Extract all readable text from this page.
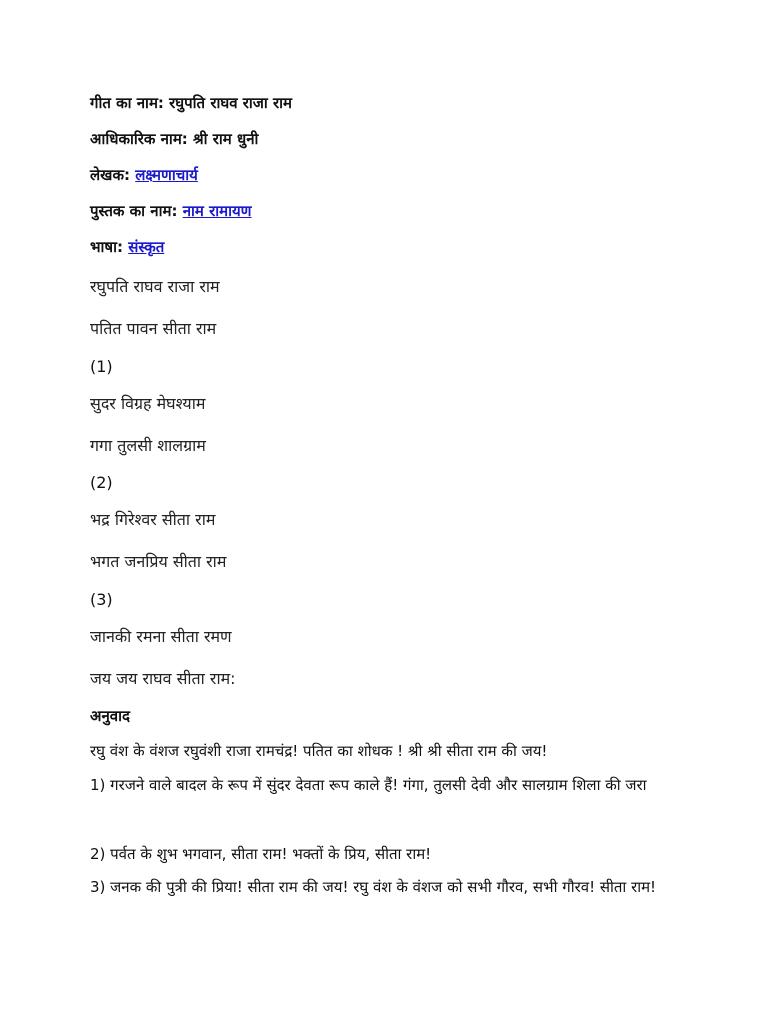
गीत का नाम: रघुपति राघव राजा राम
आधिकारिक नाम: श्री राम धुनी
लेखक: लक्ष्मणाचार्य
पुस्तक का नाम: नाम रामायण
भाषा: संस्कृत
रघुपति राघव राजा राम
पतित पावन सीता राम
(1)
सुदर विग्रह मेघश्याम
गगा तुलसी शालग्राम
(2)
भद्र गिरेश्वर सीता राम
भगत जनप्रिय सीता राम
(3)
जानकी रमना सीता रमण
जय जय राघव सीता राम:
अनुवाद
रघु वंश के वंशज रघुवंशी राजा रामचंद्र! पतित का शोधक ! श्री श्री सीता राम की जय!
1) गरजने वाले बादल के रूप में सुंदर देवता रूप काले हैं! गंगा, तुलसी देवी और सालग्राम शिला की जरा
2) पर्वत के शुभ भगवान, सीता राम! भक्तों के प्रिय, सीता राम!
3) जनक की पुत्री की प्रिया! सीता राम की जय! रघु वंश के वंशज को सभी गौरव, सभी गौरव! सीता राम!
